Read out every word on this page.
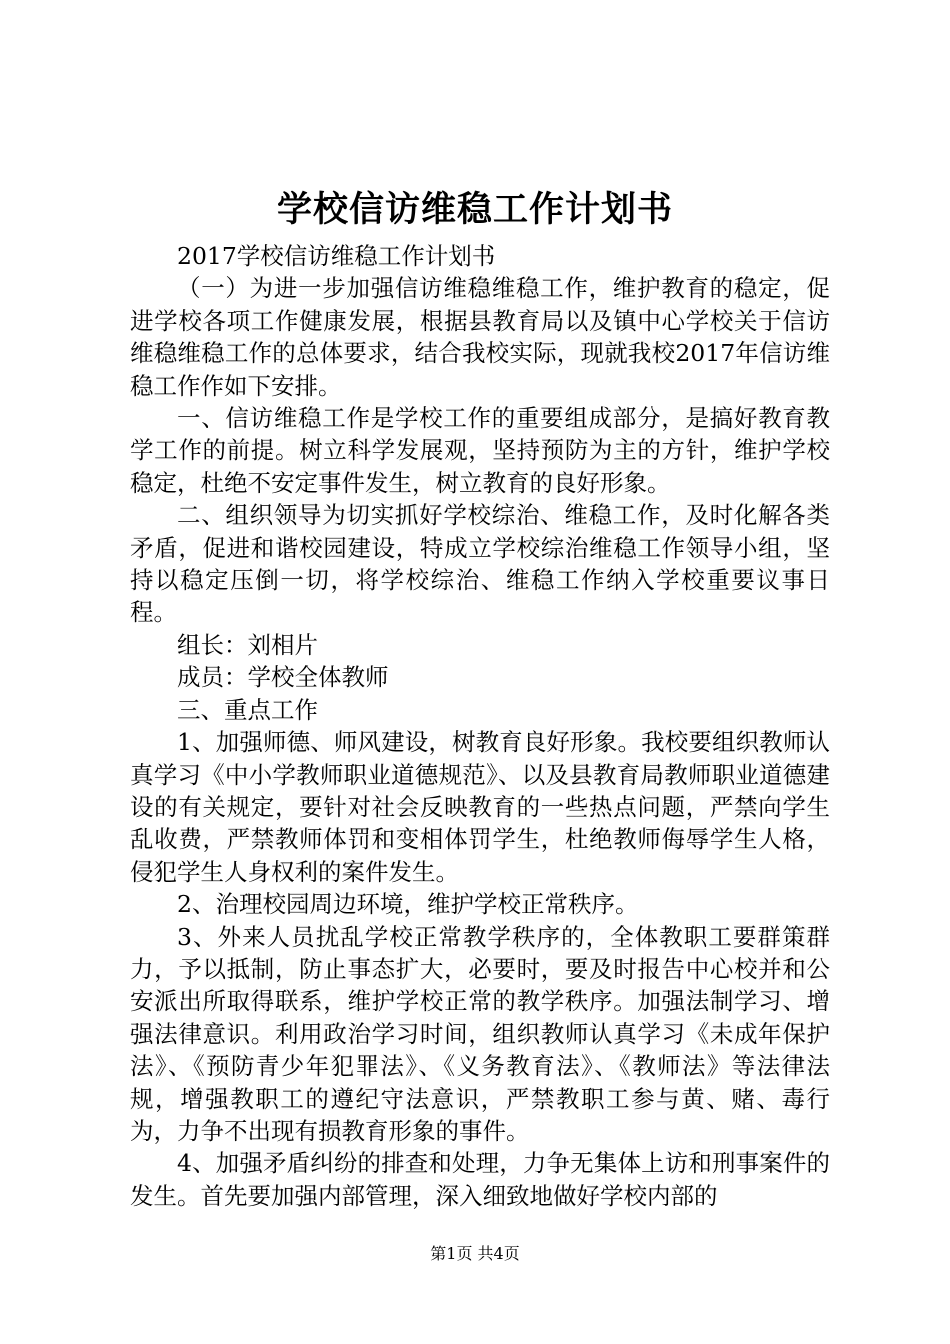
学校信访维稳工作计划书

2017学校信访维稳工作计划书

（一）为进一步加强信访维稳维稳工作，维护教育的稳定，促进学校各项工作健康发展，根据县教育局以及镇中心学校关于信访维稳维稳工作的总体要求，结合我校实际，现就我校2017年信访维稳工作作如下安排。

一、信访维稳工作是学校工作的重要组成部分，是搞好教育教学工作的前提。树立科学发展观，坚持预防为主的方针，维护学校稳定，杜绝不安定事件发生，树立教育的良好形象。

二、组织领导为切实抓好学校综治、维稳工作，及时化解各类矛盾，促进和谐校园建设，特成立学校综治维稳工作领导小组，坚持以稳定压倒一切，将学校综治、维稳工作纳入学校重要议事日程。

组长：刘相片

成员：学校全体教师

三、重点工作

1、加强师德、师风建设，树教育良好形象。我校要组织教师认真学习《中小学教师职业道德规范》、以及县教育局教师职业道德建设的有关规定，要针对社会反映教育的一些热点问题，严禁向学生乱收费，严禁教师体罚和变相体罚学生，杜绝教师侮辱学生人格，侵犯学生人身权利的案件发生。

2、治理校园周边环境，维护学校正常秩序。

3、外来人员扰乱学校正常教学秩序的，全体教职工要群策群力，予以抵制，防止事态扩大，必要时，要及时报告中心校并和公安派出所取得联系，维护学校正常的教学秩序。加强法制学习、增强法律意识。利用政治学习时间，组织教师认真学习《未成年保护法》、《预防青少年犯罪法》、《义务教育法》、《教师法》等法律法规，增强教职工的遵纪守法意识，严禁教职工参与黄、赌、毒行为，力争不出现有损教育形象的事件。

4、加强矛盾纠纷的排查和处理，力争无集体上访和刑事案件的发生。首先要加强内部管理，深入细致地做好学校内部的

第1页 共4页
